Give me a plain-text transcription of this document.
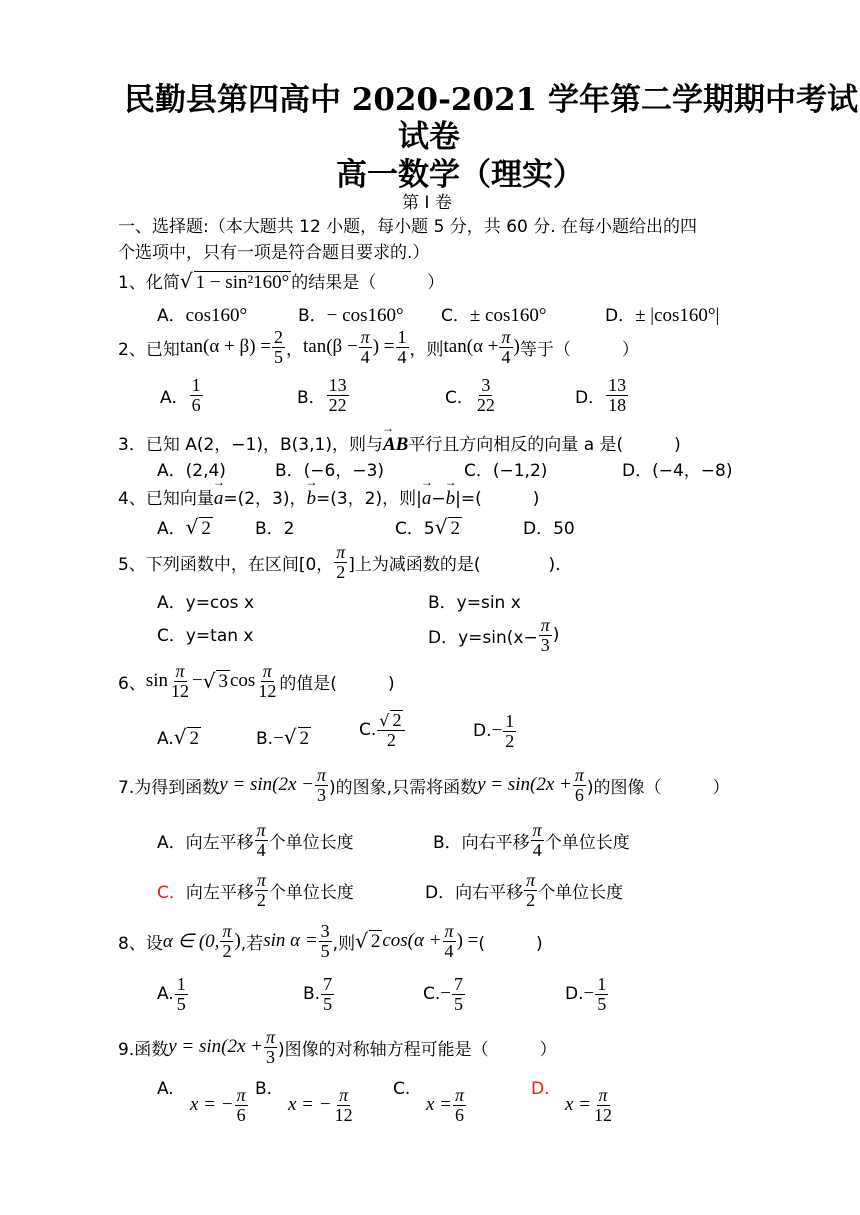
民勤县第四高中 2020-2021 学年第二学期期中考试
试卷
高一数学（理实）
第 I 卷
一、选择题:（本大题共 12 小题，每小题 5 分，共 60 分. 在每小题给出的四
个选项中，只有一项是符合题目要求的.）
1、化简√ 1 − sin²160° 的结果是（　　　）
A．cos160°	B．− cos160° C．± cos160°	D．± |cos160°|
2、已知 $\tan(\alpha + \beta) = \frac{2}{5}$ ， $\tan(\beta - \frac{\pi}{4}$ ) = $\frac{1}{4}$ ，则 $\tan(\alpha + \frac{\pi}{4}$ ) 等于（　　　）
A． $\frac{1}{6}$	B． $\frac{13}{22}$	C． $\frac{3}{22}$	D． $\frac{13}{18}$
3．已知 A(2，−1)，B(3,1)，则与→ AB平行且方向相反的向量 a 是(　　　)
A．(2,4)	B．(−6，−3)	C．(−1,2)	D．(−4，−8)
4、已知向量→ a=(2，3)，→ b=(3，2)，则|→ a−→ b|=(　　　)
A．√ 2	B．2	C．5√ 2	D．50
5、下列函数中，在区间[0， $\frac{\pi}{2}$ ]上为减函数的是(　　　　).
A．y=cos x	B．y=sin x
C．y=tan x	D．$y=\sin(x- \frac{\pi}{3}$ )
6、 $\sin \frac{\pi}{12}$ − √ 3 $\cos \frac{\pi}{12}$ 的值是(　　　)
A.√ 2	B.−√ 2	C. $\frac{√ 2}{2}$	D. − $\frac{1}{2}$
7.为得到函数 $y = \sin(2x - \frac{\pi}{3}$ )的图象,只需将函数 $y = \sin(2x + \frac{\pi}{6}$ )的图像（　　　）
A．向左平移 $\frac{\pi}{4}$ 个单位长度	B．向右平移 $\frac{\pi}{4}$ 个单位长度
C． 向左平移 $\frac{\pi}{2}$ 个单位长度	D．向右平移 $\frac{\pi}{2}$ 个单位长度
8、设 α ∈ (0, $\frac{\pi}{2}$ ) ,若 $\sin \alpha = \frac{3}{5}$ ,则 √ 2 $\cos(\alpha + \frac{\pi}{4}$ ) = (　　　)
A. $\frac{1}{5}$	B. $\frac{7}{5}$	C. − $\frac{7}{5}$	D. − $\frac{1}{5}$
9.函数 $y = \sin(2x + \frac{\pi}{3}$ )图像的对称轴方程可能是（　　　）
A.
x = − $\frac{\pi}{6} B$.
x = − $\frac{\pi}{12} C$.
$x = \frac{\pi}{6}$	D.
$x = \frac{\pi}{12}$
